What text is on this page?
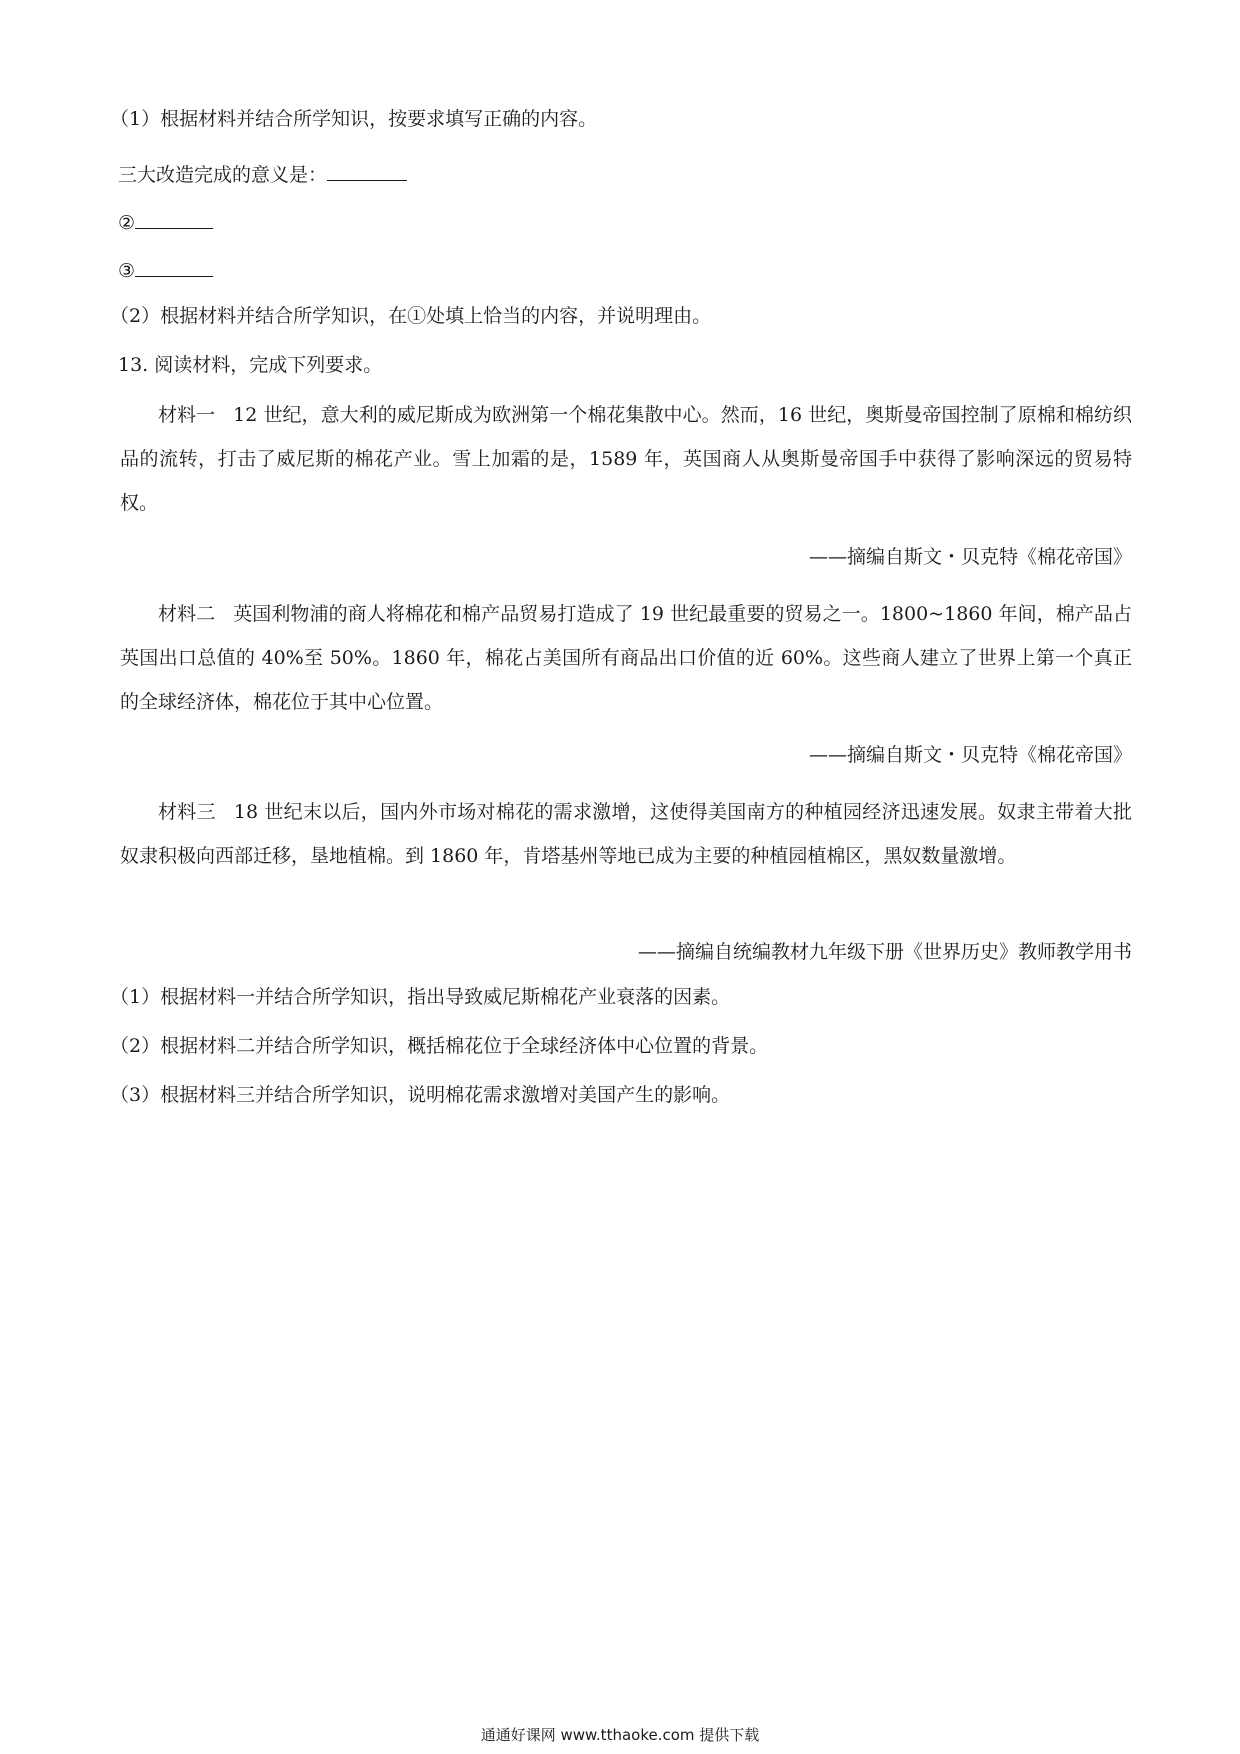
（1）根据材料并结合所学知识，按要求填写正确的内容。
三大改造完成的意义是：
②
③
（2）根据材料并结合所学知识，在①处填上恰当的内容，并说明理由。
13. 阅读材料，完成下列要求。
材料一 12 世纪，意大利的威尼斯成为欧洲第一个棉花集散中心。然而，16 世纪，奥斯曼帝国控制了原棉和棉纺织品的流转，打击了威尼斯的棉花产业。雪上加霜的是，1589 年，英国商人从奥斯曼帝国手中获得了影响深远的贸易特权。
——摘编自斯文・贝克特《棉花帝国》
材料二 英国利物浦的商人将棉花和棉产品贸易打造成了 19 世纪最重要的贸易之一。1800~1860 年间，棉产品占英国出口总值的 40%至 50%。1860 年，棉花占美国所有商品出口价值的近 60%。这些商人建立了世界上第一个真正的全球经济体，棉花位于其中心位置。
——摘编自斯文・贝克特《棉花帝国》
材料三 18 世纪末以后，国内外市场对棉花的需求激增，这使得美国南方的种植园经济迅速发展。奴隶主带着大批奴隶积极向西部迁移，垦地植棉。到 1860 年，肯塔基州等地已成为主要的种植园植棉区，黑奴数量激增。
——摘编自统编教材九年级下册《世界历史》教师教学用书
（1）根据材料一并结合所学知识，指出导致威尼斯棉花产业衰落的因素。
（2）根据材料二并结合所学知识，概括棉花位于全球经济体中心位置的背景。
（3）根据材料三并结合所学知识，说明棉花需求激增对美国产生的影响。
通通好课网 www.tthaoke.com 提供下载
